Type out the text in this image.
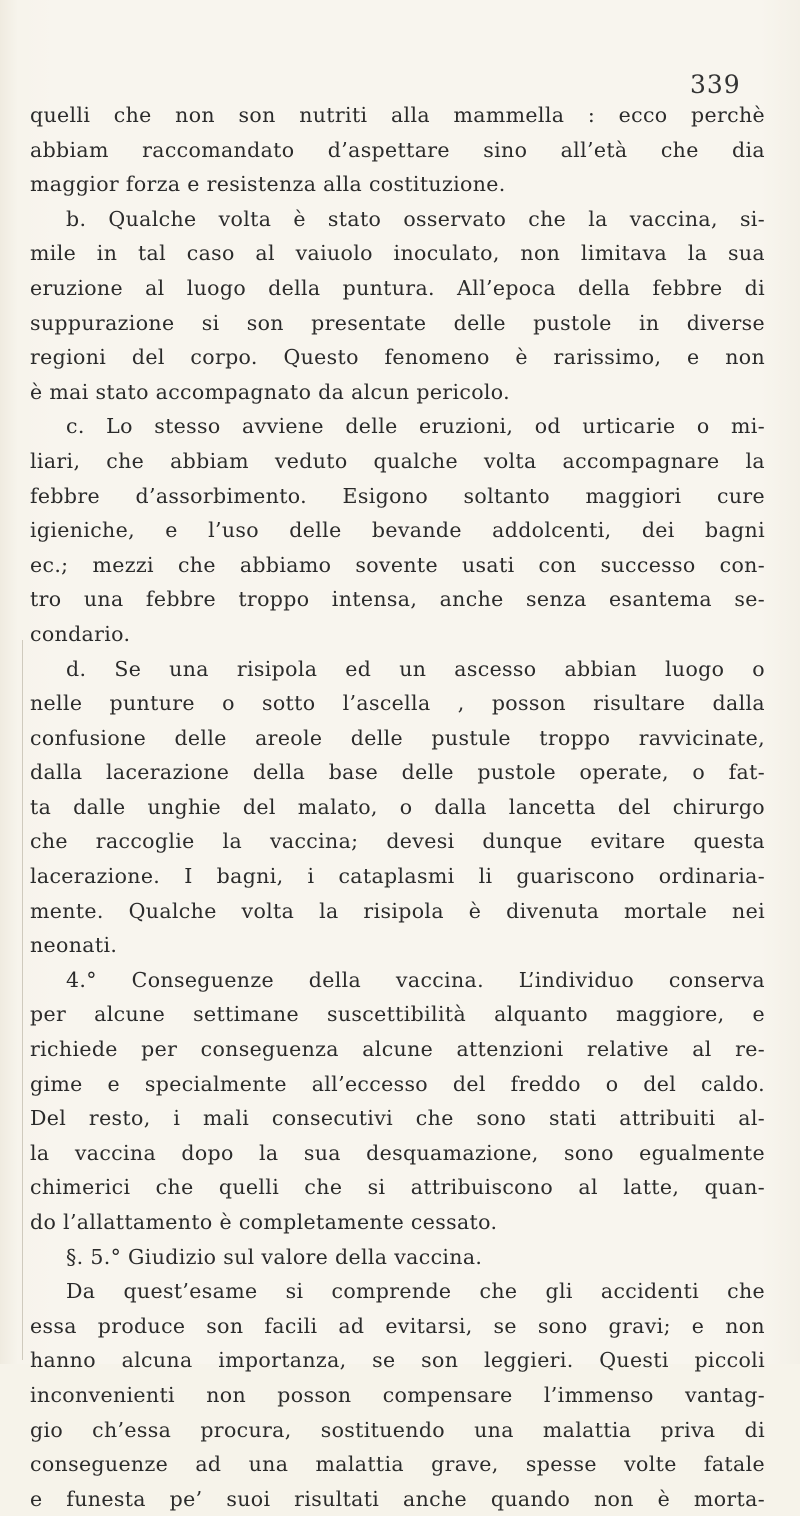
339
quelli che non son nutriti alla mammella : ecco perchè
abbiam raccomandato d’aspettare sino all’età che dia
maggior forza e resistenza alla costituzione.
b. Qualche volta è stato osservato che la vaccina, si-
mile in tal caso al vaiuolo inoculato, non limitava la sua
eruzione al luogo della puntura. All’epoca della febbre di
suppurazione si son presentate delle pustole in diverse
regioni del corpo. Questo fenomeno è rarissimo, e non
è mai stato accompagnato da alcun pericolo.
c. Lo stesso avviene delle eruzioni, od urticarie o mi-
liari, che abbiam veduto qualche volta accompagnare la
febbre d’assorbimento. Esigono soltanto maggiori cure
igieniche, e l’uso delle bevande addolcenti, dei bagni
ec.; mezzi che abbiamo sovente usati con successo con-
tro una febbre troppo intensa, anche senza esantema se-
condario.
d. Se una risipola ed un ascesso abbian luogo o
nelle punture o sotto l’ascella , posson risultare dalla
confusione delle areole delle pustule troppo ravvicinate,
dalla lacerazione della base delle pustole operate, o fat-
ta dalle unghie del malato, o dalla lancetta del chirurgo
che raccoglie la vaccina; devesi dunque evitare questa
lacerazione. I bagni, i cataplasmi li guariscono ordinaria-
mente. Qualche volta la risipola è divenuta mortale nei
neonati.
4.° Conseguenze della vaccina. L’individuo conserva
per alcune settimane suscettibilità alquanto maggiore, e
richiede per conseguenza alcune attenzioni relative al re-
gime e specialmente all’eccesso del freddo o del caldo.
Del resto, i mali consecutivi che sono stati attribuiti al-
la vaccina dopo la sua desquamazione, sono egualmente
chimerici che quelli che si attribuiscono al latte, quan-
do l’allattamento è completamente cessato.
§. 5.° Giudizio sul valore della vaccina.
Da quest’esame si comprende che gli accidenti che
essa produce son facili ad evitarsi, se sono gravi; e non
hanno alcuna importanza, se son leggieri. Questi piccoli
inconvenienti non posson compensare l’immenso vantag-
gio ch’essa procura, sostituendo una malattia priva di
conseguenze ad una malattia grave, spesse volte fatale
e funesta pe’ suoi risultati anche quando non è morta-
